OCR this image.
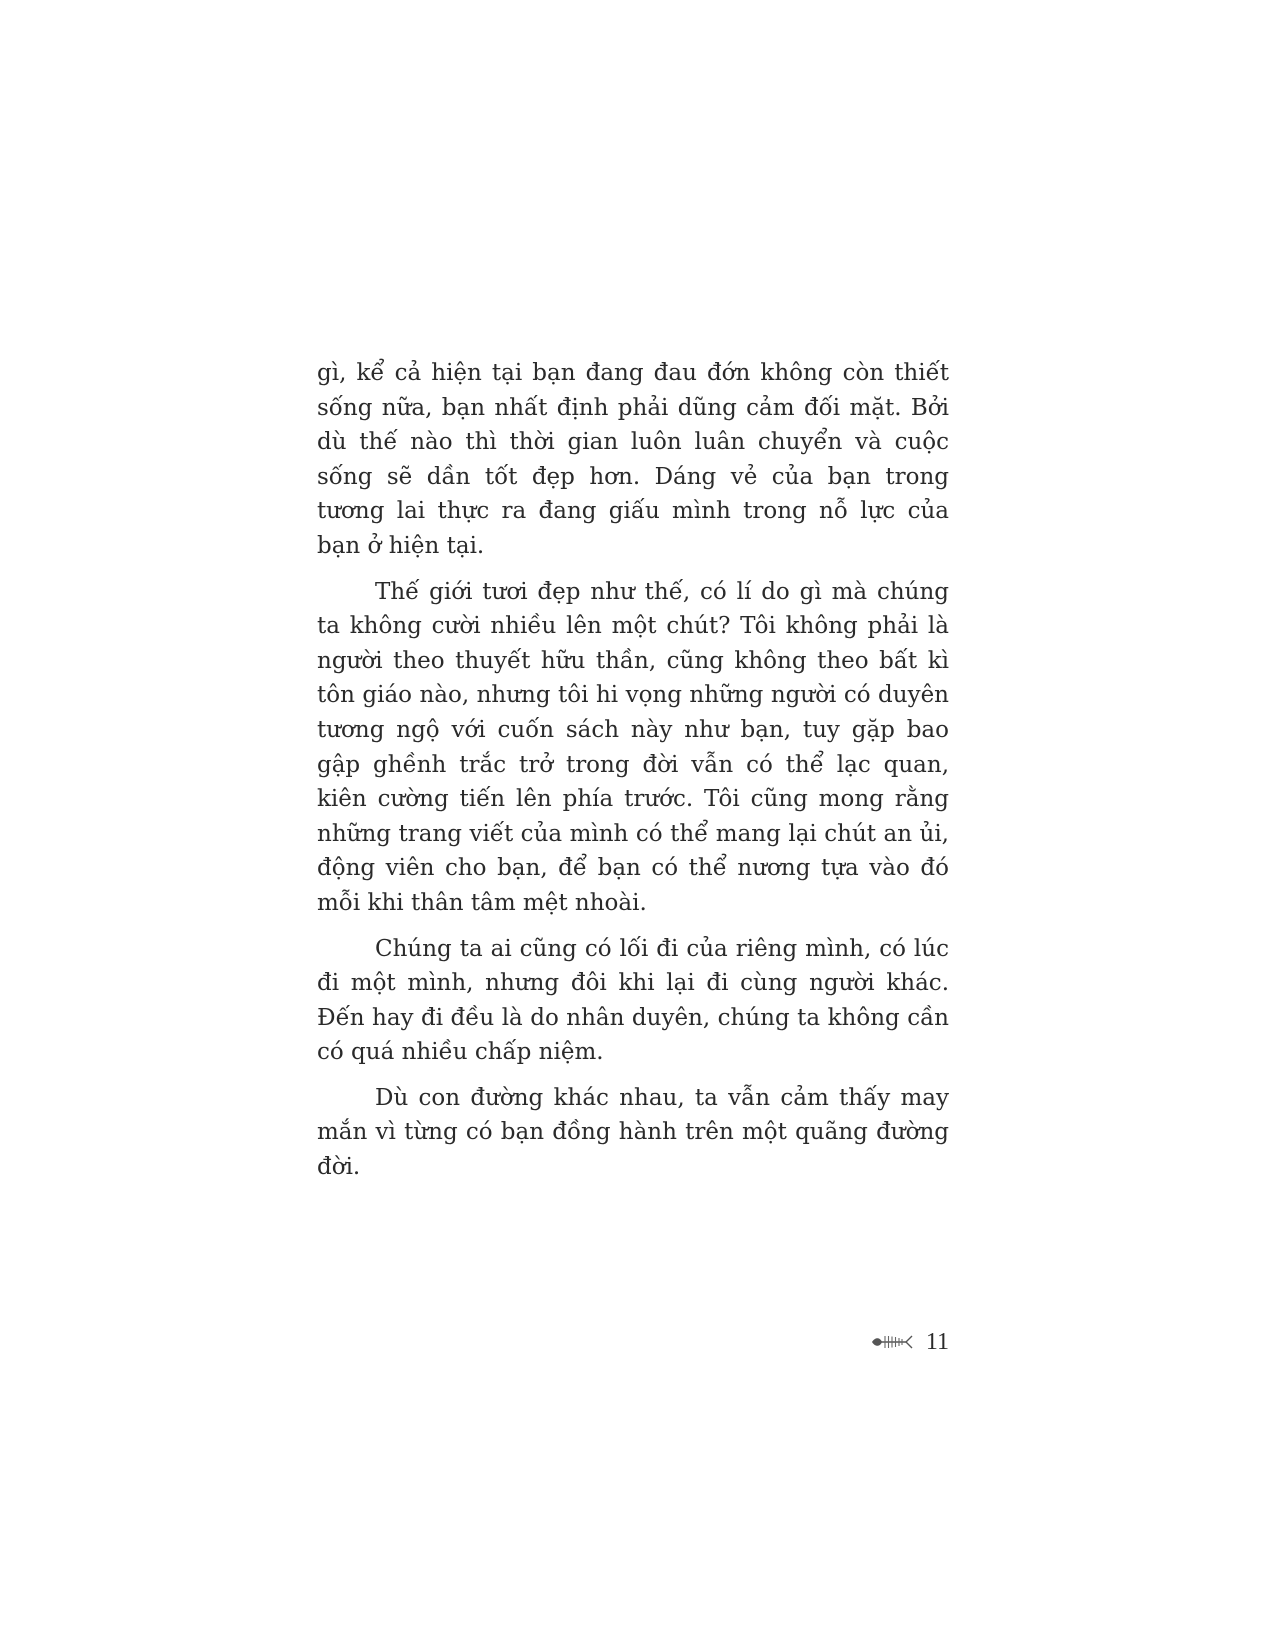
gì, kể cả hiện tại bạn đang đau đớn không còn thiết sống nữa, bạn nhất định phải dũng cảm đối mặt. Bởi dù thế nào thì thời gian luôn luân chuyển và cuộc sống sẽ dần tốt đẹp hơn. Dáng vẻ của bạn trong tương lai thực ra đang giấu mình trong nỗ lực của bạn ở hiện tại.

Thế giới tươi đẹp như thế, có lí do gì mà chúng ta không cười nhiều lên một chút? Tôi không phải là người theo thuyết hữu thần, cũng không theo bất kì tôn giáo nào, nhưng tôi hi vọng những người có duyên tương ngộ với cuốn sách này như bạn, tuy gặp bao gập ghềnh trắc trở trong đời vẫn có thể lạc quan, kiên cường tiến lên phía trước. Tôi cũng mong rằng những trang viết của mình có thể mang lại chút an ủi, động viên cho bạn, để bạn có thể nương tựa vào đó mỗi khi thân tâm mệt nhoài.

Chúng ta ai cũng có lối đi của riêng mình, có lúc đi một mình, nhưng đôi khi lại đi cùng người khác. Đến hay đi đều là do nhân duyên, chúng ta không cần có quá nhiều chấp niệm.

Dù con đường khác nhau, ta vẫn cảm thấy may mắn vì từng có bạn đồng hành trên một quãng đường đời.

11
